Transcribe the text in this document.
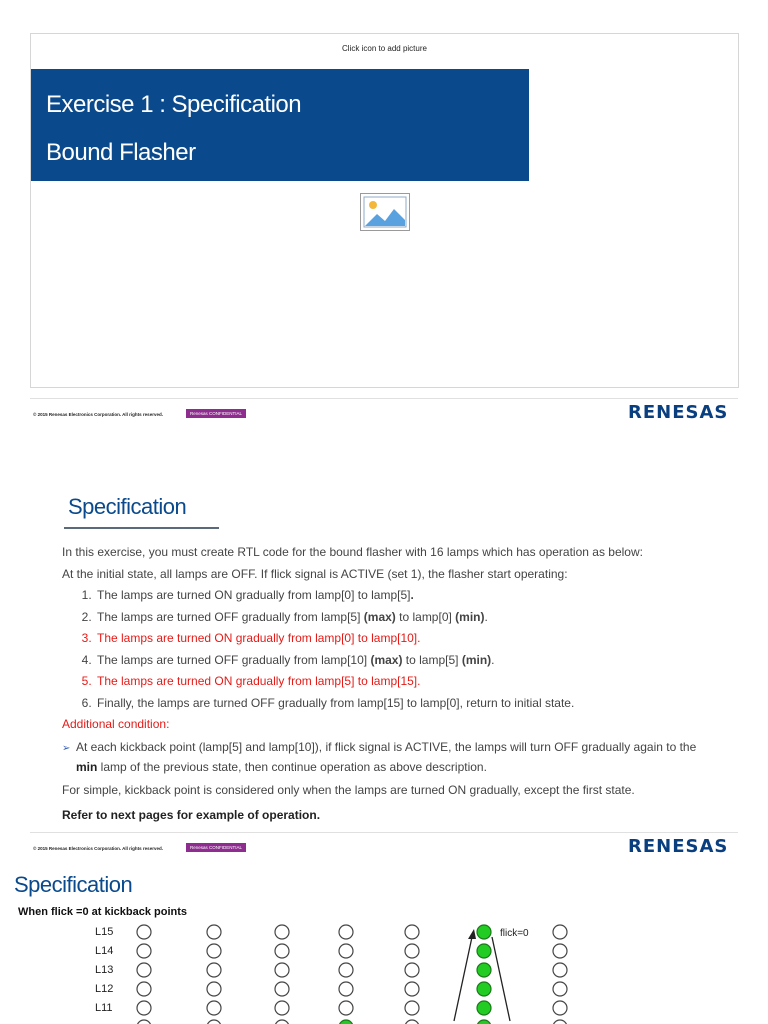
Click icon to add picture
Exercise 1 : Specification
Bound Flasher
© 2015 Renesas Electronics Corporation. All rights reserved.	Renesas CONFIDENTIAL	RENESAS
Specification

In this exercise, you must create RTL code for the bound flasher with 16 lamps which has operation as below:

At the initial state, all lamps are OFF. If flick signal is ACTIVE (set 1), the flasher start operating:

1. The lamps are turned ON gradually from lamp[0] to lamp[5].
2. The lamps are turned OFF gradually from lamp[5] (max) to lamp[0] (min).
3. The lamps are turned ON gradually from lamp[0] to lamp[10].
4. The lamps are turned OFF gradually from lamp[10] (max) to lamp[5] (min).
5. The lamps are turned ON gradually from lamp[5] to lamp[15].
6. Finally, the lamps are turned OFF gradually from lamp[15] to lamp[0], return to initial state.

Additional condition:

➢ At each kickback point (lamp[5] and lamp[10]), if flick signal is ACTIVE, the lamps will turn OFF gradually again to the
min lamp of the previous state, then continue operation as above description.

For simple, kickback point is considered only when the lamps are turned ON gradually, except the first state.

Refer to next pages for example of operation.

© 2015 Renesas Electronics Corporation. All rights reserved.	Renesas CONFIDENTIAL	RENESAS
Specification
When flick =0 at kickback points
L15
L14
L13
L12
L11
flick=0
